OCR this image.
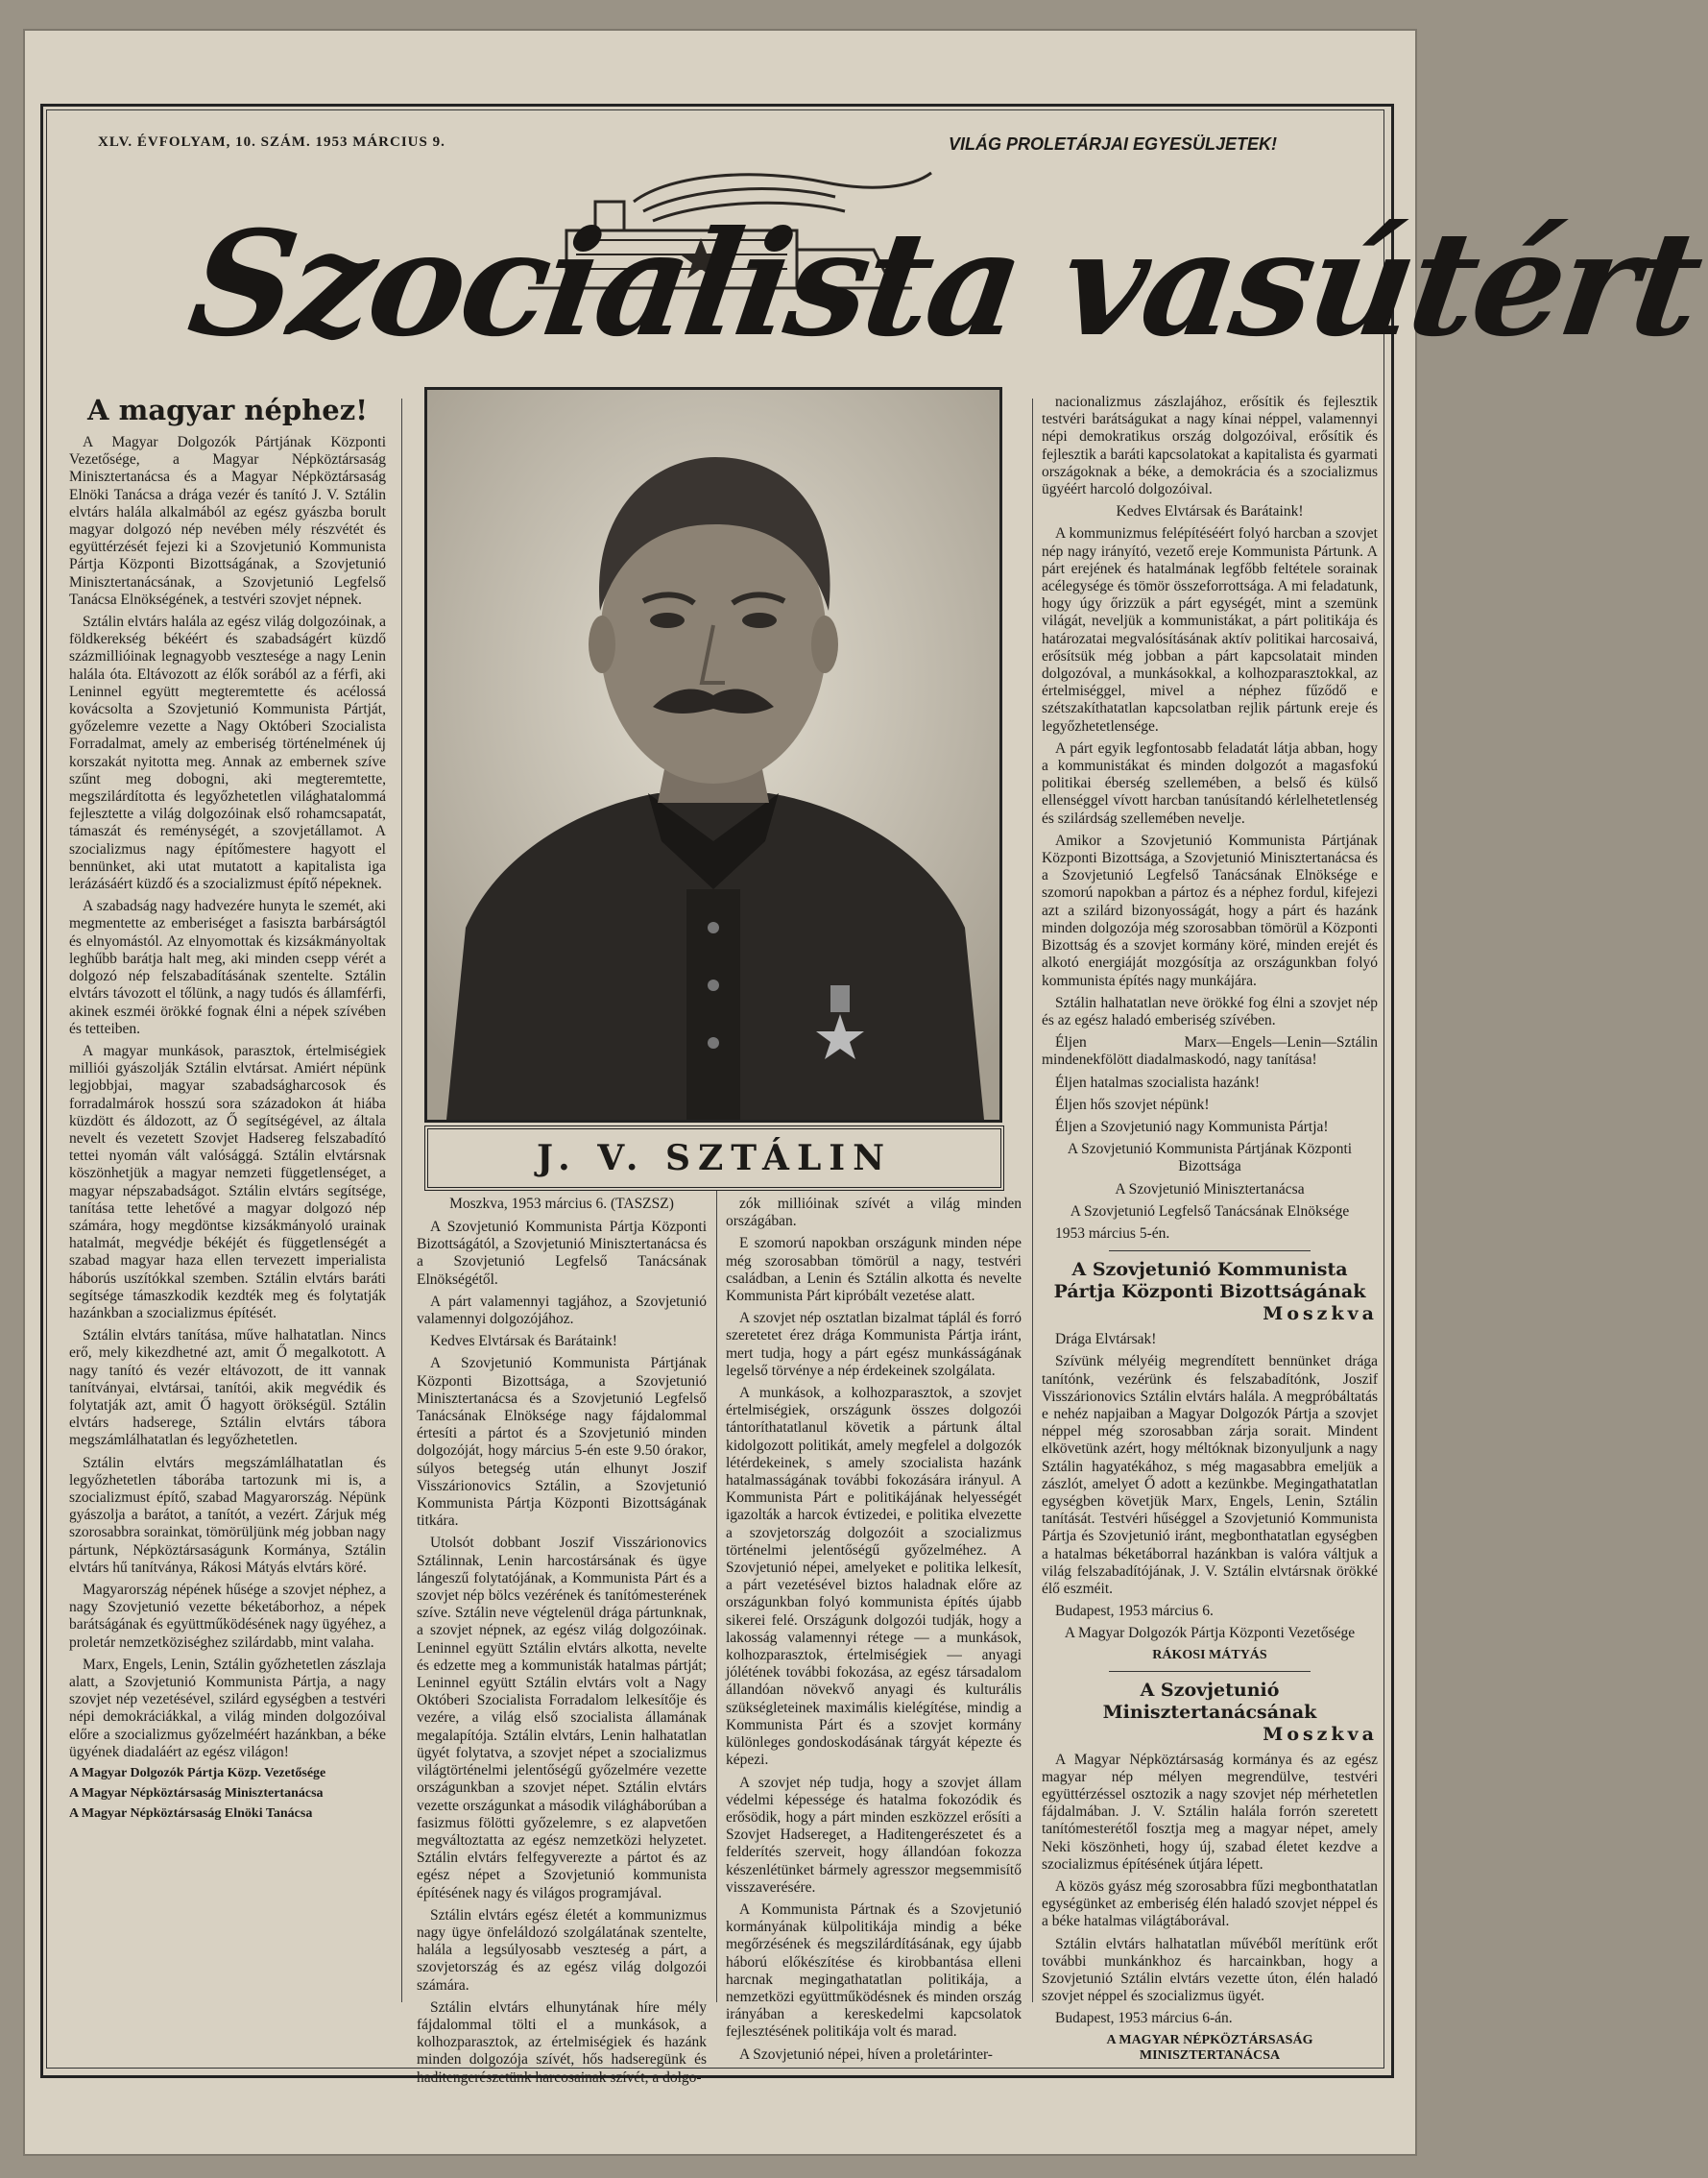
XLV. ÉVFOLYAM, 10. SZÁM. 1953 MÁRCIUS 9.	VILÁG PROLETÁRJAI EGYESÜLJETEK!
Szocialista vasútért
A magyar néphez!

A Magyar Dolgozók Pártjának Központi Vezetősége, a Magyar Népköztársaság Minisztertanácsa és a Magyar Népköztársaság Elnöki Tanácsa a drága vezér és tanító J. V. Sztálin elvtárs halála alkalmából az egész gyászba borult magyar dolgozó nép nevében mély részvétét és együttérzését fejezi ki a Szovjetunió Kommunista Pártja Központi Bizottságának, a Szovjetunió Minisztertanácsának, a Szovjetunió Legfelső Tanácsa Elnökségének, a testvéri szovjet népnek.

Sztálin elvtárs halála az egész világ dolgozóinak, a földkerekség békéért és szabadságért küzdő százmillióinak legnagyobb vesztesége a nagy Lenin halála óta. Eltávozott az élők sorából az a férfi, aki Leninnel együtt megteremtette és acélossá kovácsolta a Szovjetunió Kommunista Pártját, győzelemre vezette a Nagy Októberi Szocialista Forradalmat, amely az emberiség történelmének új korszakát nyitotta meg. Annak az embernek szíve szűnt meg dobogni, aki megteremtette, megszilárdította és legyőzhetetlen világhatalommá fejlesztette a világ dolgozóinak első rohamcsapatát, támaszát és reménységét, a szovjetállamot. A szocializmus nagy építőmestere hagyott el bennünket, aki utat mutatott a kapitalista iga lerázásáért küzdő és a szocializmust építő népeknek.

A szabadság nagy hadvezére hunyta le szemét, aki megmentette az emberiséget a fasiszta barbárságtól és elnyomástól. Az elnyomottak és kizsákmányoltak leghűbb barátja halt meg, aki minden csepp vérét a dolgozó nép felszabadításának szentelte. Sztálin elvtárs távozott el tőlünk, a nagy tudós és államférfi, akinek eszméi örökké fognak élni a népek szívében és tetteiben.

A magyar munkások, parasztok, értelmiségiek milliói gyászolják Sztálin elvtársat. Amiért népünk legjobbjai, magyar szabadságharcosok és forradalmárok hosszú sora századokon át hiába küzdött és áldozott, az Ő segítségével, az általa nevelt és vezetett Szovjet Hadsereg felszabadító tettei nyomán vált valósággá. Sztálin elvtársnak köszönhetjük a magyar nemzeti függetlenséget, a magyar népszabadságot. Sztálin elvtárs segítsége, tanítása tette lehetővé a magyar dolgozó nép számára, hogy megdöntse kizsákmányoló urainak hatalmát, megvédje békéjét és függetlenségét a szabad magyar haza ellen tervezett imperialista háborús uszítókkal szemben. Sztálin elvtárs baráti segítsége támaszkodik kezdték meg és folytatják hazánkban a szocializmus építését.

Sztálin elvtárs tanítása, műve halhatatlan. Nincs erő, mely kikezdhetné azt, amit Ő megalkotott. A nagy tanító és vezér eltávozott, de itt vannak tanítványai, elvtársai, tanítói, akik megvédik és folytatják azt, amit Ő hagyott örökségül. Sztálin elvtárs hadserege, Sztálin elvtárs tábora megszámlálhatatlan és legyőzhetetlen.

Sztálin elvtárs megszámlálhatatlan és legyőzhetetlen táborába tartozunk mi is, a szocializmust építő, szabad Magyarország. Népünk gyászolja a barátot, a tanítót, a vezért. Zárjuk még szorosabbra sorainkat, tömörüljünk még jobban nagy pártunk, Népköztársaságunk Kormánya, Sztálin elvtárs hű tanítványa, Rákosi Mátyás elvtárs köré.

Magyarország népének hűsége a szovjet néphez, a nagy Szovjetunió vezette béketáborhoz, a népek barátságának és együttműködésének nagy ügyéhez, a proletár nemzetköziséghez szilárdabb, mint valaha.

Marx, Engels, Lenin, Sztálin győzhetetlen zászlaja alatt, a Szovjetunió Kommunista Pártja, a nagy szovjet nép vezetésével, szilárd egységben a testvéri népi demokráciákkal, a világ minden dolgozóival előre a szocializmus győzelméért hazánkban, a béke ügyének diadaláért az egész világon!

A Magyar Dolgozók Pártja Közp. Vezetősége

A Magyar Népköztársaság Minisztertanácsa

A Magyar Népköztársaság Elnöki Tanácsa

J. V. SZTÁLIN
Moszkva, 1953 március 6. (TASZSZ)

A Szovjetunió Kommunista Pártja Központi Bizottságától, a Szovjetunió Minisztertanácsa és a Szovjetunió Legfelső Tanácsának Elnökségétől.

A párt valamennyi tagjához, a Szovjetunió valamennyi dolgozójához.

Kedves Elvtársak és Barátaink!

A Szovjetunió Kommunista Pártjának Központi Bizottsága, a Szovjetunió Minisztertanácsa és a Szovjetunió Legfelső Tanácsának Elnöksége nagy fájdalommal értesíti a pártot és a Szovjetunió minden dolgozóját, hogy március 5-én este 9.50 órakor, súlyos betegség után elhunyt Joszif Visszárionovics Sztálin, a Szovjetunió Kommunista Pártja Központi Bizottságának titkára.

Utolsót dobbant Joszif Visszárionovics Sztálinnak, Lenin harcostársának és ügye lángeszű folytatójának, a Kommunista Párt és a szovjet nép bölcs vezérének és tanítómesterének szíve. Sztálin neve végtelenül drága pártunknak, a szovjet népnek, az egész világ dolgozóinak. Leninnel együtt Sztálin elvtárs alkotta, nevelte és edzette meg a kommunisták hatalmas pártját; Leninnel együtt Sztálin elvtárs volt a Nagy Októberi Szocialista Forradalom lelkesítője és vezére, a világ első szocialista államának megalapítója. Sztálin elvtárs, Lenin halhatatlan ügyét folytatva, a szovjet népet a szocializmus világtörténelmi jelentőségű győzelmére vezette országunkban a szovjet népet. Sztálin elvtárs vezette országunkat a második világháborúban a fasizmus fölötti győzelemre, s ez alapvetően megváltoztatta az egész nemzetközi helyzetet. Sztálin elvtárs felfegyverezte a pártot és az egész népet a Szovjetunió kommunista építésének nagy és világos programjával.

Sztálin elvtárs egész életét a kommunizmus nagy ügye önfeláldozó szolgálatának szentelte, halála a legsúlyosabb veszteség a párt, a szovjetország és az egész világ dolgozói számára.

Sztálin elvtárs elhunytának híre mély fájdalommal tölti el a munkások, a kolhozparasztok, az értelmiségiek és hazánk minden dolgozója szívét, hős hadseregünk és haditengerészetünk harcosainak szívét, a dolgo-

zók millióinak szívét a világ minden országában.

E szomorú napokban országunk minden népe még szorosabban tömörül a nagy, testvéri családban, a Lenin és Sztálin alkotta és nevelte Kommunista Párt kipróbált vezetése alatt.

A szovjet nép osztatlan bizalmat táplál és forró szeretetet érez drága Kommunista Pártja iránt, mert tudja, hogy a párt egész munkásságának legelső törvénye a nép érdekeinek szolgálata.

A munkások, a kolhozparasztok, a szovjet értelmiségiek, országunk összes dolgozói tántoríthatatlanul követik a pártunk által kidolgozott politikát, amely megfelel a dolgozók létérdekeinek, s amely szocialista hazánk hatalmasságának további fokozására irányul. A Kommunista Párt e politikájának helyességét igazolták a harcok évtizedei, e politika elvezette a szovjetország dolgozóit a szocializmus történelmi jelentőségű győzelméhez. A Szovjetunió népei, amelyeket e politika lelkesít, a párt vezetésével biztos haladnak előre az országunkban folyó kommunista építés újabb sikerei felé. Országunk dolgozói tudják, hogy a lakosság valamennyi rétege — a munkások, kolhozparasztok, értelmiségiek — anyagi jólétének további fokozása, az egész társadalom állandóan növekvő anyagi és kulturális szükségleteinek maximális kielégítése, mindig a Kommunista Párt és a szovjet kormány különleges gondoskodásának tárgyát képezte és képezi.

A szovjet nép tudja, hogy a szovjet állam védelmi képessége és hatalma fokozódik és erősödik, hogy a párt minden eszközzel erősíti a Szovjet Hadsereget, a Haditengerészetet és a felderítés szerveit, hogy állandóan fokozza készenlétünket bármely agresszor megsemmisítő visszaverésére.

A Kommunista Pártnak és a Szovjetunió kormányának külpolitikája mindig a béke megőrzésének és megszilárdításának, egy újabb háború előkészítése és kirobbantása elleni harcnak megingathatatlan politikája, a nemzetközi együttműködésnek és minden ország irányában a kereskedelmi kapcsolatok fejlesztésének politikája volt és marad.

A Szovjetunió népei, híven a proletárinter-

nacionalizmus zászlajához, erősítik és fejlesztik testvéri barátságukat a nagy kínai néppel, valamennyi népi demokratikus ország dolgozóival, erősítik és fejlesztik a baráti kapcsolatokat a kapitalista és gyarmati országoknak a béke, a demokrácia és a szocializmus ügyéért harcoló dolgozóival.

Kedves Elvtársak és Barátaink!

A kommunizmus felépítéséért folyó harcban a szovjet nép nagy irányító, vezető ereje Kommunista Pártunk. A párt erejének és hatalmának legfőbb feltétele sorainak acélegysége és tömör összeforrottsága. A mi feladatunk, hogy úgy őrizzük a párt egységét, mint a szemünk világát, neveljük a kommunistákat, a párt politikája és határozatai megvalósításának aktív politikai harcosaivá, erősítsük még jobban a párt kapcsolatait minden dolgozóval, a munkásokkal, a kolhozparasztokkal, az értelmiséggel, mivel a néphez fűződő e szétszakíthatatlan kapcsolatban rejlik pártunk ereje és legyőzhetetlensége.

A párt egyik legfontosabb feladatát látja abban, hogy a kommunistákat és minden dolgozót a magasfokú politikai éberség szellemében, a belső és külső ellenséggel vívott harcban tanúsítandó kérlelhetetlenség és szilárdság szellemében nevelje.

Amikor a Szovjetunió Kommunista Pártjának Központi Bizottsága, a Szovjetunió Minisztertanácsa és a Szovjetunió Legfelső Tanácsának Elnöksége e szomorú napokban a pártoz és a néphez fordul, kifejezi azt a szilárd bizonyosságát, hogy a párt és hazánk minden dolgozója még szorosabban tömörül a Központi Bizottság és a szovjet kormány köré, minden erejét és alkotó energiáját mozgósítja az országunkban folyó kommunista építés nagy munkájára.

Sztálin halhatatlan neve örökké fog élni a szovjet nép és az egész haladó emberiség szívében.

Éljen Marx—Engels—Lenin—Sztálin mindenekfölött diadalmaskodó, nagy tanítása!

Éljen hatalmas szocialista hazánk!

Éljen hős szovjet népünk!

Éljen a Szovjetunió nagy Kommunista Pártja!

A Szovjetunió Kommunista Pártjának Központi Bizottsága

A Szovjetunió Minisztertanácsa

A Szovjetunió Legfelső Tanácsának Elnöksége

1953 március 5-én.

A Szovjetunió Kommunista Pártja Központi Bizottságának
Moszkva

Drága Elvtársak!

Szívünk mélyéig megrendített bennünket drága tanítónk, vezérünk és felszabadítónk, Joszif Visszárionovics Sztálin elvtárs halála. A megpróbáltatás e nehéz napjaiban a Magyar Dolgozók Pártja a szovjet néppel még szorosabban zárja sorait. Mindent elkövetünk azért, hogy méltóknak bizonyuljunk a nagy Sztálin hagyatékához, s még magasabbra emeljük a zászlót, amelyet Ő adott a kezünkbe. Megingathatatlan egységben követjük Marx, Engels, Lenin, Sztálin tanítását. Testvéri hűséggel a Szovjetunió Kommunista Pártja és Szovjetunió iránt, megbonthatatlan egységben a hatalmas béketáborral hazánkban is valóra váltjuk a világ felszabadítójának, J. V. Sztálin elvtársnak örökké élő eszméit.

Budapest, 1953 március 6.

A Magyar Dolgozók Pártja Központi Vezetősége

RÁKOSI MÁTYÁS

A Szovjetunió Minisztertanácsának
Moszkva

A Magyar Népköztársaság kormánya és az egész magyar nép mélyen megrendülve, testvéri együttérzéssel osztozik a nagy szovjet nép mérhetetlen fájdalmában. J. V. Sztálin halála forrón szeretett tanítómesterétől fosztja meg a magyar népet, amely Neki köszönheti, hogy új, szabad életet kezdve a szocializmus építésének útjára lépett.

A közös gyász még szorosabbra fűzi megbonthatatlan egységünket az emberiség élén haladó szovjet néppel és a béke hatalmas világtáborával.

Sztálin elvtárs halhatatlan művéből merítünk erőt további munkánkhoz és harcainkban, hogy a Szovjetunió Sztálin elvtárs vezette úton, élén haladó szovjet néppel és szocializmus ügyét.

Budapest, 1953 március 6-án.

A MAGYAR NÉPKÖZTÁRSASÁG MINISZTERTANÁCSA
